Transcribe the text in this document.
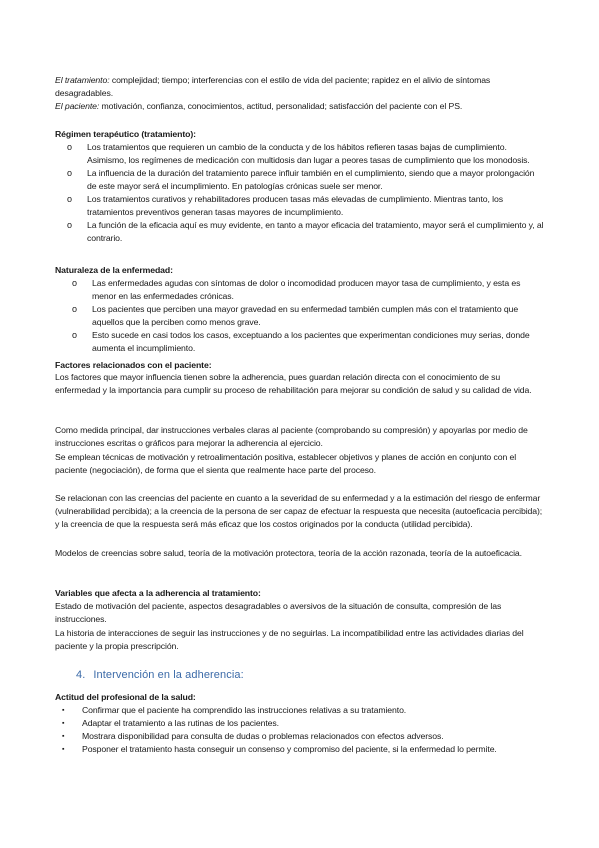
El tratamiento: complejidad; tiempo; interferencias con el estilo de vida del paciente; rapidez en el alivio de síntomas desagradables.

El paciente: motivación, confianza, conocimientos, actitud, personalidad; satisfacción del paciente con el PS.

Régimen terapéutico (tratamiento):

o Los tratamientos que requieren un cambio de la conducta y de los hábitos refieren tasas bajas de cumplimiento. Asimismo, los regímenes de medicación con multidosis dan lugar a peores tasas de cumplimiento que los monodosis.
o La influencia de la duración del tratamiento parece influir también en el cumplimiento, siendo que a mayor prolongación de este mayor será el incumplimiento. En patologías crónicas suele ser menor.
o Los tratamientos curativos y rehabilitadores producen tasas más elevadas de cumplimiento. Mientras tanto, los tratamientos preventivos generan tasas mayores de incumplimiento.
o La función de la eficacia aquí es muy evidente, en tanto a mayor eficacia del tratamiento, mayor será el cumplimiento y, al contrario.

Naturaleza de la enfermedad:

o Las enfermedades agudas con síntomas de dolor o incomodidad producen mayor tasa de cumplimiento, y esta es menor en las enfermedades crónicas.
o Los pacientes que perciben una mayor gravedad en su enfermedad también cumplen más con el tratamiento que aquellos que la perciben como menos grave.
o Esto sucede en casi todos los casos, exceptuando a los pacientes que experimentan condiciones muy serias, donde aumenta el incumplimiento.

Factores relacionados con el paciente:

Los factores que mayor influencia tienen sobre la adherencia, pues guardan relación directa con el conocimiento de su enfermedad y la importancia para cumplir su proceso de rehabilitación para mejorar su condición de salud y su calidad de vida.

Como medida principal, dar instrucciones verbales claras al paciente (comprobando su compresión) y apoyarlas por medio de instrucciones escritas o gráficos para mejorar la adherencia al ejercicio.

Se emplean técnicas de motivación y retroalimentación positiva, establecer objetivos y planes de acción en conjunto con el paciente (negociación), de forma que el sienta que realmente hace parte del proceso.

Se relacionan con las creencias del paciente en cuanto a la severidad de su enfermedad y a la estimación del riesgo de enfermar (vulnerabilidad percibida); a la creencia de la persona de ser capaz de efectuar la respuesta que necesita (autoeficacia percibida); y la creencia de que la respuesta será más eficaz que los costos originados por la conducta (utilidad percibida).

Modelos de creencias sobre salud, teoría de la motivación protectora, teoría de la acción razonada, teoría de la autoeficacia.

Variables que afecta a la adherencia al tratamiento:

Estado de motivación del paciente, aspectos desagradables o aversivos de la situación de consulta, compresión de las instrucciones.

La historia de interacciones de seguir las instrucciones y de no seguirlas. La incompatibilidad entre las actividades diarias del paciente y la propia prescripción.

4. Intervención en la adherencia:

Actitud del profesional de la salud:

▪ Confirmar que el paciente ha comprendido las instrucciones relativas a su tratamiento.
▪ Adaptar el tratamiento a las rutinas de los pacientes.
▪ Mostrara disponibilidad para consulta de dudas o problemas relacionados con efectos adversos.
▪ Posponer el tratamiento hasta conseguir un consenso y compromiso del paciente, si la enfermedad lo permite.
